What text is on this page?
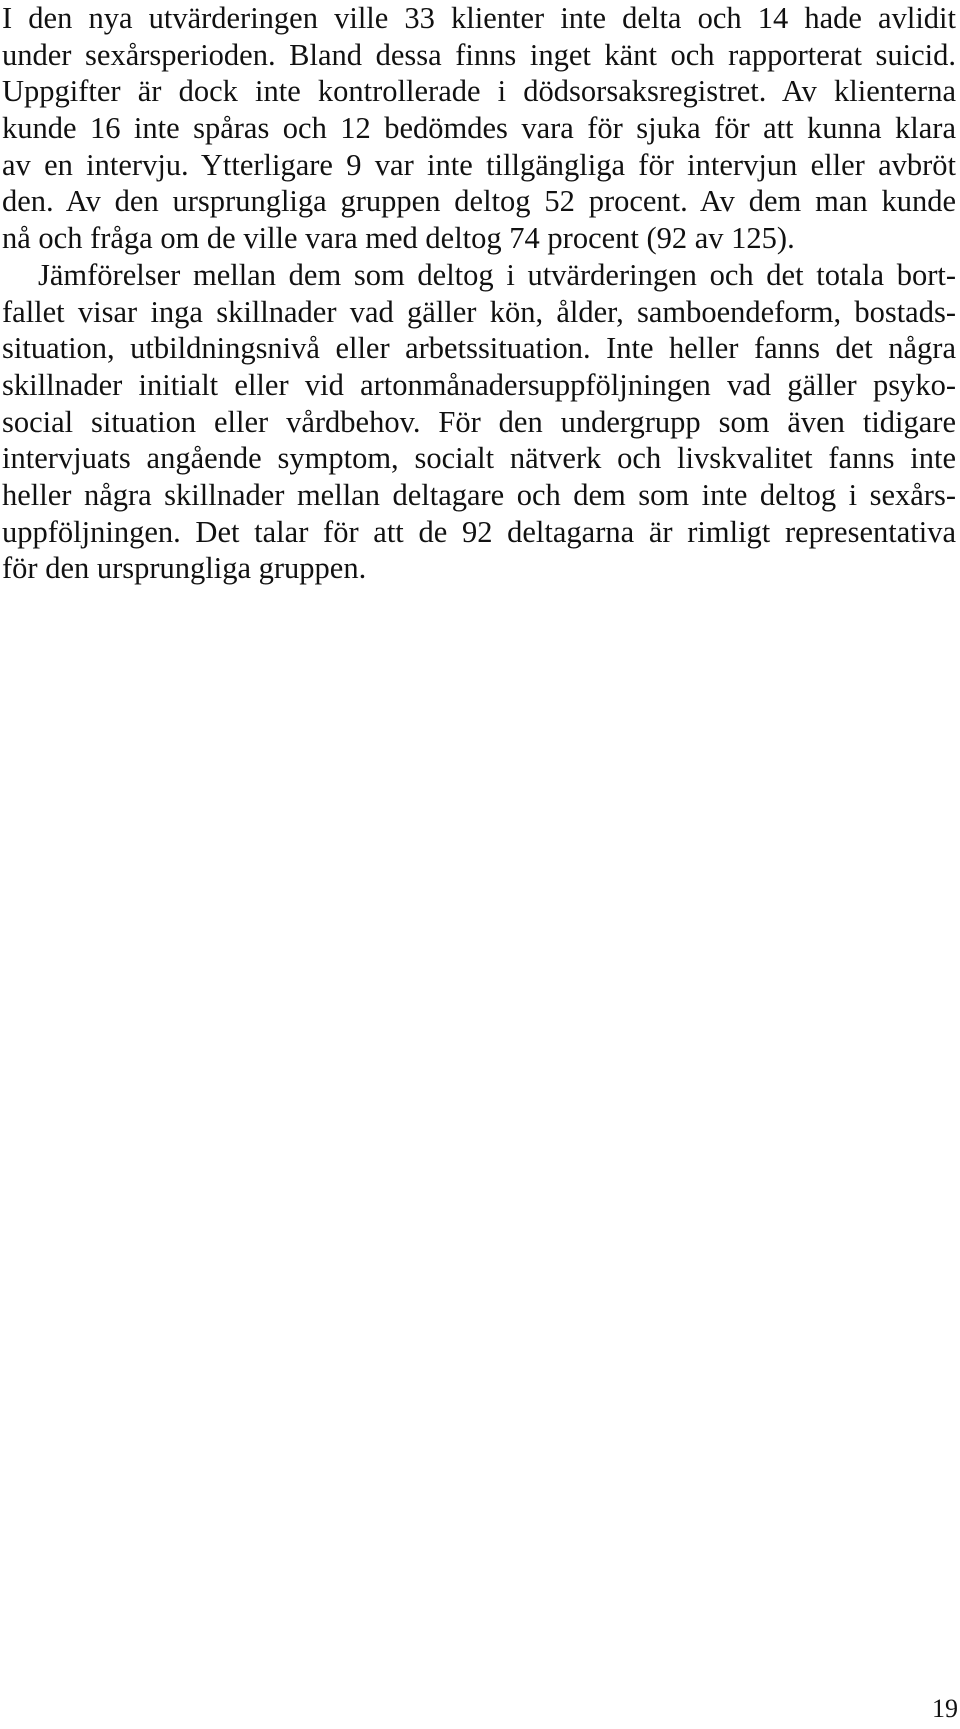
I den nya utvärderingen ville 33 klienter inte delta och 14 hade avlidit
under sexårsperioden. Bland dessa finns inget känt och rapporterat suicid.
Uppgifter är dock inte kontrollerade i dödsorsaksregistret. Av klienterna
kunde 16 inte spåras och 12 bedömdes vara för sjuka för att kunna klara
av en intervju. Ytterligare 9 var inte tillgängliga för intervjun eller avbröt
den. Av den ursprungliga gruppen deltog 52 procent. Av dem man kunde
nå och fråga om de ville vara med deltog 74 procent (92 av 125).
Jämförelser mellan dem som deltog i utvärderingen och det totala bort-
fallet visar inga skillnader vad gäller kön, ålder, samboendeform, bostads-
situation, utbildningsnivå eller arbetssituation. Inte heller fanns det några
skillnader initialt eller vid artonmånadersuppföljningen vad gäller psyko-
social situation eller vårdbehov. För den undergrupp som även tidigare
intervjuats angående symptom, socialt nätverk och livskvalitet fanns inte
heller några skillnader mellan deltagare och dem som inte deltog i sexårs-
uppföljningen. Det talar för att de 92 deltagarna är rimligt representativa
för den ursprungliga gruppen.
19
